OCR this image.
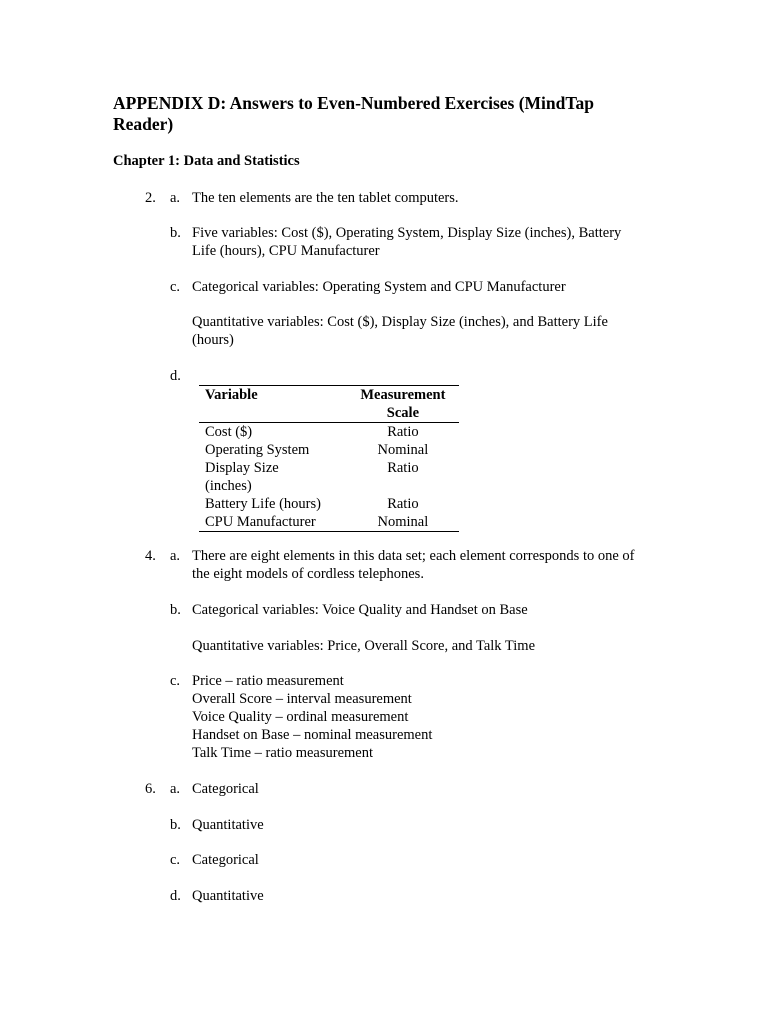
APPENDIX D: Answers to Even-Numbered Exercises (MindTap Reader)
Chapter 1: Data and Statistics
2. a. The ten elements are the ten tablet computers.
b. Five variables: Cost ($), Operating System, Display Size (inches), Battery
Life (hours), CPU Manufacturer
c. Categorical variables: Operating System and CPU Manufacturer
Quantitative variables: Cost ($), Display Size (inches), and Battery Life
(hours)
d.
Variable	Measurement
Scale
Cost ($)	Ratio
Operating System	Nominal
Display Size
(inches)	Ratio
Battery Life (hours)	Ratio
CPU Manufacturer	Nominal
4. a. There are eight elements in this data set; each element corresponds to one of
the eight models of cordless telephones.
b. Categorical variables: Voice Quality and Handset on Base
Quantitative variables: Price, Overall Score, and Talk Time
c. Price – ratio measurement
Overall Score – interval measurement
Voice Quality – ordinal measurement
Handset on Base – nominal measurement
Talk Time – ratio measurement
6. a. Categorical
b. Quantitative
c. Categorical
d. Quantitative
